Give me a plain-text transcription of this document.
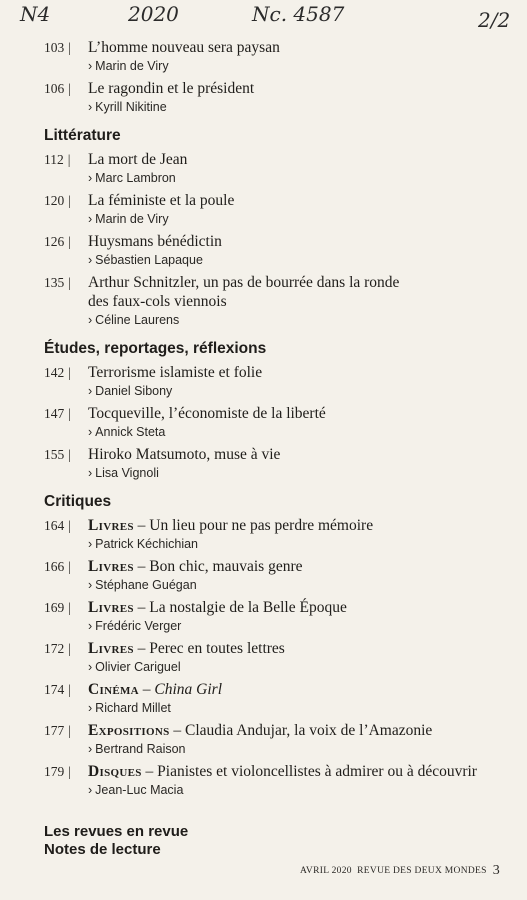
N4	2020	Nc. 4587	2/2
103 |	L’homme nouveau sera paysan
› Marin de Viry
106 |	Le ragondin et le président
› Kyrill Nikitine
Littérature
112 |	La mort de Jean
› Marc Lambron
120 |	La féministe et la poule
› Marin de Viry
126 |	Huysmans bénédictin
› Sébastien Lapaque
135 |	Arthur Schnitzler, un pas de bourrée dans la ronde
des faux-cols viennois
› Céline Laurens
Études, reportages, réflexions
142 |	Terrorisme islamiste et folie
› Daniel Sibony
147 |	Tocqueville, l’économiste de la liberté
› Annick Steta
155 |	Hiroko Matsumoto, muse à vie
› Lisa Vignoli
Critiques
164 |	Livres – Un lieu pour ne pas perdre mémoire
› Patrick Kéchichian
166 |	Livres – Bon chic, mauvais genre
› Stéphane Guégan
169 |	Livres – La nostalgie de la Belle Époque
› Frédéric Verger
172 |	Livres – Perec en toutes lettres
› Olivier Cariguel
174 |	Cinéma – China Girl
› Richard Millet
177 |	Expositions – Claudia Andujar, la voix de l’Amazonie
› Bertrand Raison
179 |	Disques – Pianistes et violoncellistes à admirer ou à découvrir
› Jean-Luc Macia
Les revues en revue
Notes de lecture
AVRIL 2020  REVUE DES DEUX MONDES 3
